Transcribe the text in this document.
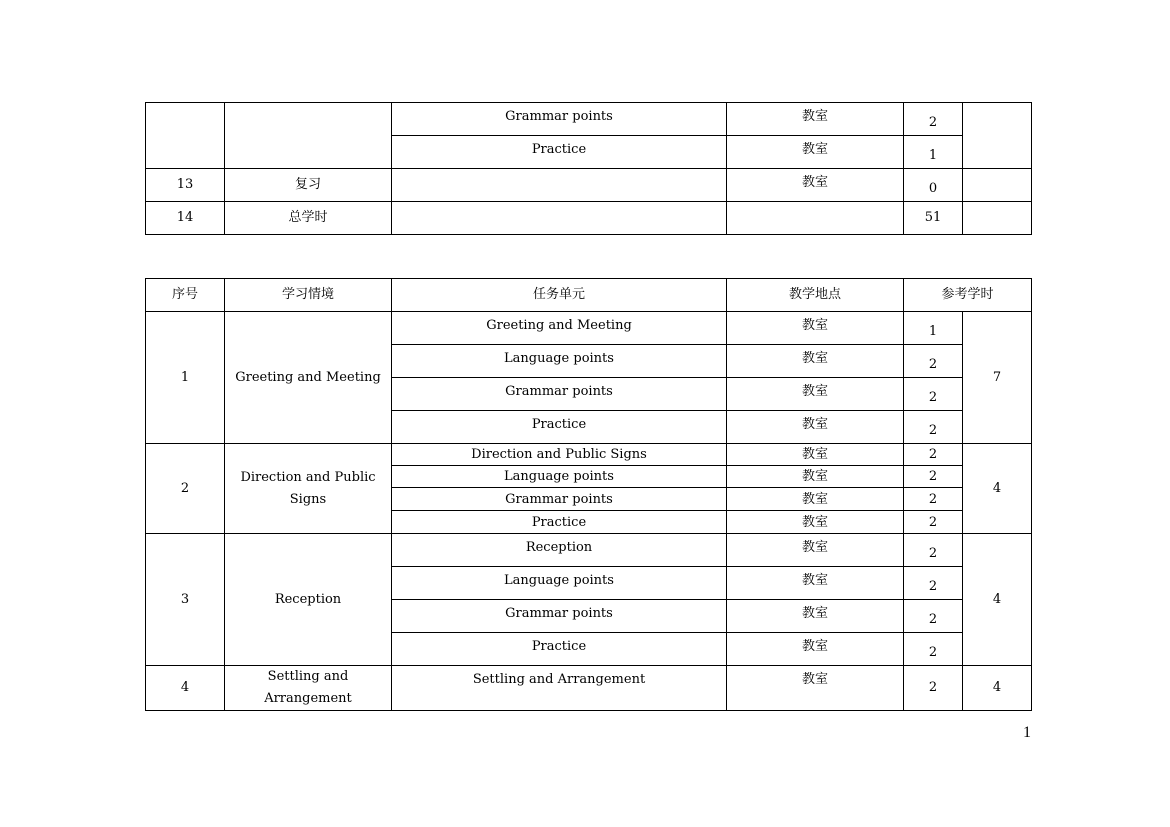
		Grammar points	教室	2	
		Practice	教室	1	
13	复习		教室	0	
14	总学时			51	
序号	学习情境	任务单元	教学地点	参考学时	
1	Greeting and Meeting	Greeting and Meeting	教室	1	7
		Language points	教室	2	
		Grammar points	教室	2	
		Practice	教室	2	
2	Direction and Public Signs	Direction and Public Signs	教室	2	4
		Language points	教室	2	
		Grammar points	教室	2	
		Practice	教室	2	
3	Reception	Reception	教室	2	4
		Language points	教室	2	
		Grammar points	教室	2	
		Practice	教室	2	
4	Settling and Arrangement	Settling and Arrangement	教室	2	4
1
